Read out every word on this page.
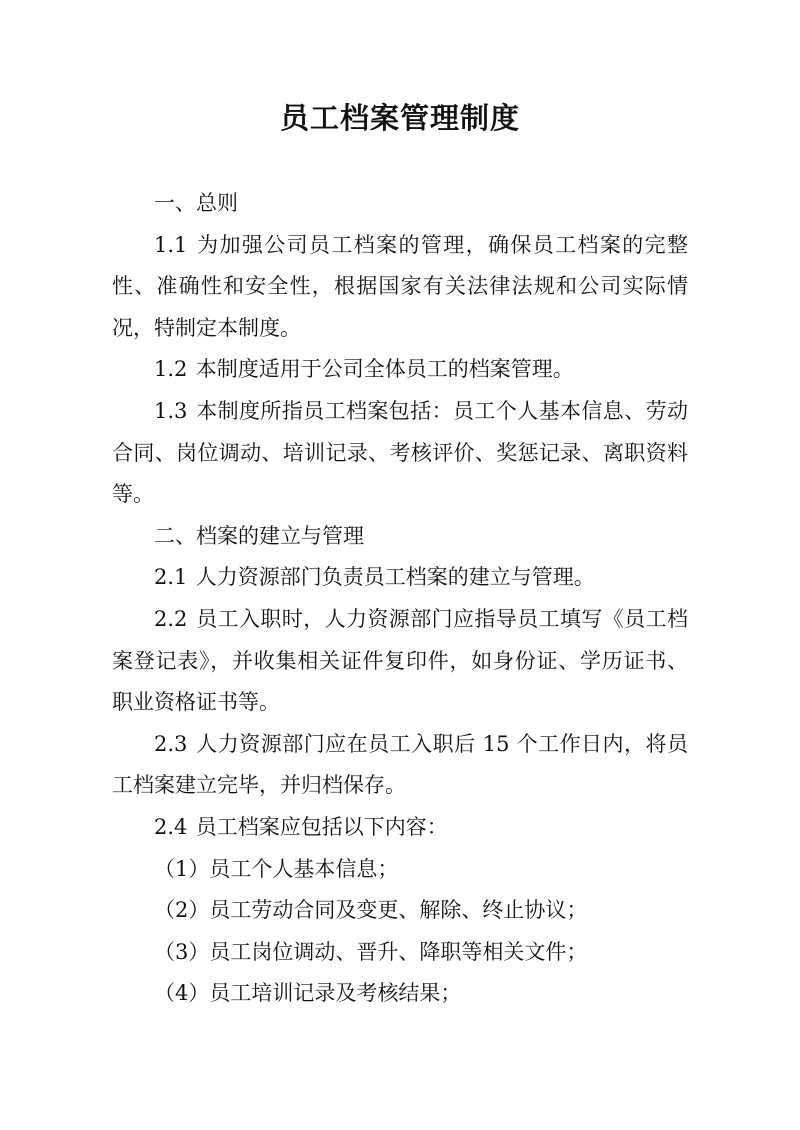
员工档案管理制度

一、总则

1.1 为加强公司员工档案的管理，确保员工档案的完整性、准确性和安全性，根据国家有关法律法规和公司实际情况，特制定本制度。

1.2 本制度适用于公司全体员工的档案管理。

1.3 本制度所指员工档案包括：员工个人基本信息、劳动合同、岗位调动、培训记录、考核评价、奖惩记录、离职资料等。

二、档案的建立与管理

2.1 人力资源部门负责员工档案的建立与管理。

2.2 员工入职时，人力资源部门应指导员工填写《员工档案登记表》，并收集相关证件复印件，如身份证、学历证书、职业资格证书等。

2.3 人力资源部门应在员工入职后 15 个工作日内，将员工档案建立完毕，并归档保存。

2.4 员工档案应包括以下内容：

（1）员工个人基本信息；

（2）员工劳动合同及变更、解除、终止协议；

（3）员工岗位调动、晋升、降职等相关文件；

（4）员工培训记录及考核结果；
